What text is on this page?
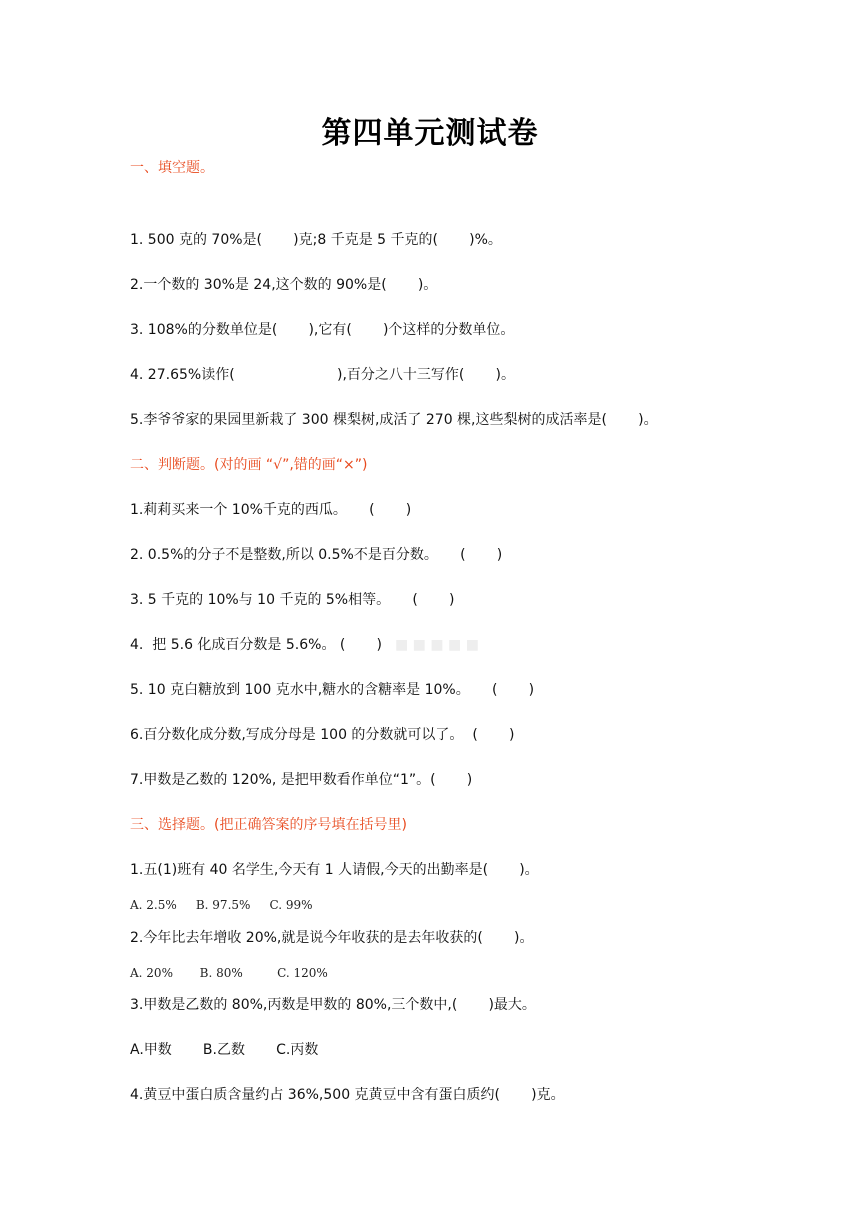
第四单元测试卷
一、填空题。
1. 500 克的 70%是(       )克;8 千克是 5 千克的(       )%。
2.一个数的 30%是 24,这个数的 90%是(       )。
3. 108%的分数单位是(       ),它有(       )个这样的分数单位。
4. 27.65%读作(                       ),百分之八十三写作(       )。
5.李爷爷家的果园里新栽了 300 棵梨树,成活了 270 棵,这些梨树的成活率是(       )。
二、判断题。(对的画 “√”,错的画“×”)
1.莉莉买来一个 10%千克的西瓜。     (       )
2. 0.5%的分子不是整数,所以 0.5%不是百分数。     (       )
3. 5 千克的 10%与 10 千克的 5%相等。     (       )
4.  把 5.6 化成百分数是 5.6%。 (       ) ■ ■ ■ ■ ■
5. 10 克白糖放到 100 克水中,糖水的含糖率是 10%。     (       )
6.百分数化成分数,写成分母是 100 的分数就可以了。  (       )
7.甲数是乙数的 120%, 是把甲数看作单位“1”。(       )
三、选择题。(把正确答案的序号填在括号里)
1.五(1)班有 40 名学生,今天有 1 人请假,今天的出勤率是(       )。
A. 2.5%     B. 97.5%     C. 99%
2.今年比去年增收 20%,就是说今年收获的是去年收获的(       )。
A. 20%       B. 80%         C. 120%
3.甲数是乙数的 80%,丙数是甲数的 80%,三个数中,(       )最大。
A.甲数       B.乙数       C.丙数
4.黄豆中蛋白质含量约占 36%,500 克黄豆中含有蛋白质约(       )克。
